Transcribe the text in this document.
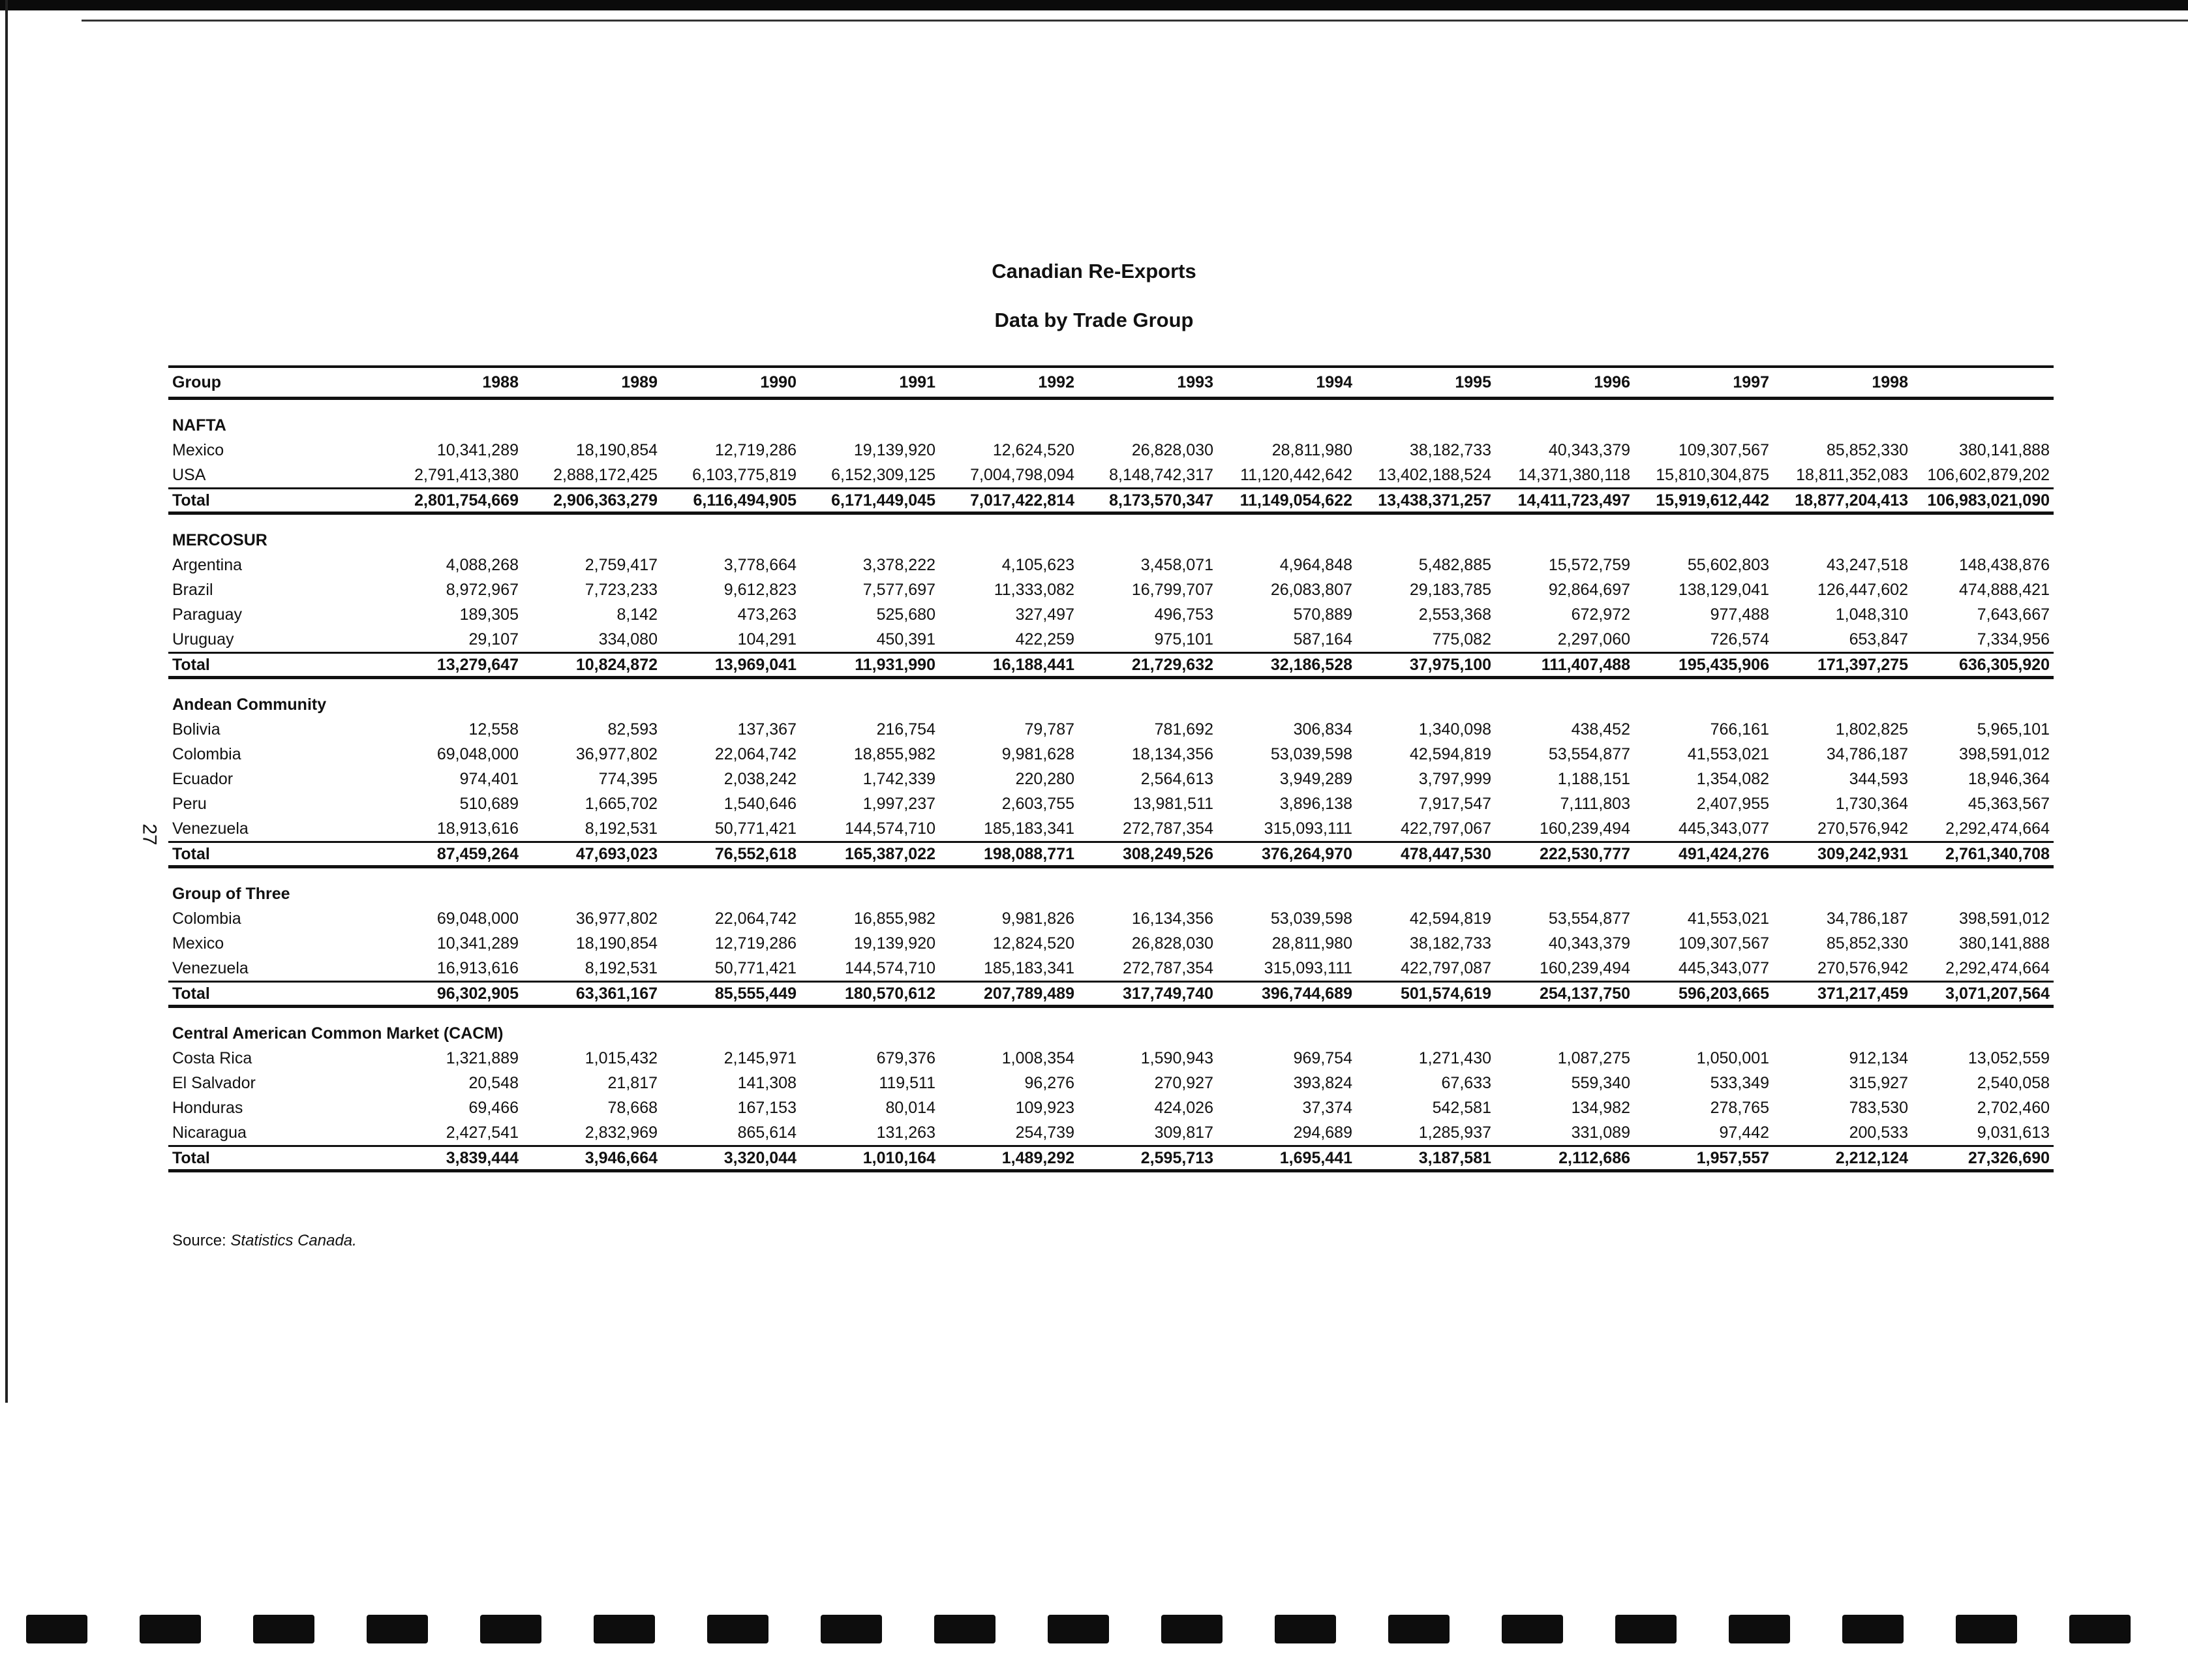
Canadian Re-Exports
Data by Trade Group
27
Group	1988	1989	1990	1991	1992	1993	1994	1995	1996	1997	1998	
NAFTA												
Mexico	10,341,289	18,190,854	12,719,286	19,139,920	12,624,520	26,828,030	28,811,980	38,182,733	40,343,379	109,307,567	85,852,330	380,141,888
USA	2,791,413,380	2,888,172,425	6,103,775,819	6,152,309,125	7,004,798,094	8,148,742,317	11,120,442,642	13,402,188,524	14,371,380,118	15,810,304,875	18,811,352,083	106,602,879,202
Total	2,801,754,669	2,906,363,279	6,116,494,905	6,171,449,045	7,017,422,814	8,173,570,347	11,149,054,622	13,438,371,257	14,411,723,497	15,919,612,442	18,877,204,413	106,983,021,090
MERCOSUR												
Argentina	4,088,268	2,759,417	3,778,664	3,378,222	4,105,623	3,458,071	4,964,848	5,482,885	15,572,759	55,602,803	43,247,518	148,438,876
Brazil	8,972,967	7,723,233	9,612,823	7,577,697	11,333,082	16,799,707	26,083,807	29,183,785	92,864,697	138,129,041	126,447,602	474,888,421
Paraguay	189,305	8,142	473,263	525,680	327,497	496,753	570,889	2,553,368	672,972	977,488	1,048,310	7,643,667
Uruguay	29,107	334,080	104,291	450,391	422,259	975,101	587,164	775,082	2,297,060	726,574	653,847	7,334,956
Total	13,279,647	10,824,872	13,969,041	11,931,990	16,188,441	21,729,632	32,186,528	37,975,100	111,407,488	195,435,906	171,397,275	636,305,920
Andean Community												
Bolivia	12,558	82,593	137,367	216,754	79,787	781,692	306,834	1,340,098	438,452	766,161	1,802,825	5,965,101
Colombia	69,048,000	36,977,802	22,064,742	18,855,982	9,981,628	18,134,356	53,039,598	42,594,819	53,554,877	41,553,021	34,786,187	398,591,012
Ecuador	974,401	774,395	2,038,242	1,742,339	220,280	2,564,613	3,949,289	3,797,999	1,188,151	1,354,082	344,593	18,946,364
Peru	510,689	1,665,702	1,540,646	1,997,237	2,603,755	13,981,511	3,896,138	7,917,547	7,111,803	2,407,955	1,730,364	45,363,567
Venezuela	18,913,616	8,192,531	50,771,421	144,574,710	185,183,341	272,787,354	315,093,111	422,797,067	160,239,494	445,343,077	270,576,942	2,292,474,664
Total	87,459,264	47,693,023	76,552,618	165,387,022	198,088,771	308,249,526	376,264,970	478,447,530	222,530,777	491,424,276	309,242,931	2,761,340,708
Group of Three												
Colombia	69,048,000	36,977,802	22,064,742	16,855,982	9,981,826	16,134,356	53,039,598	42,594,819	53,554,877	41,553,021	34,786,187	398,591,012
Mexico	10,341,289	18,190,854	12,719,286	19,139,920	12,824,520	26,828,030	28,811,980	38,182,733	40,343,379	109,307,567	85,852,330	380,141,888
Venezuela	16,913,616	8,192,531	50,771,421	144,574,710	185,183,341	272,787,354	315,093,111	422,797,087	160,239,494	445,343,077	270,576,942	2,292,474,664
Total	96,302,905	63,361,167	85,555,449	180,570,612	207,789,489	317,749,740	396,744,689	501,574,619	254,137,750	596,203,665	371,217,459	3,071,207,564
Central American Common Market (CACM)												
Costa Rica	1,321,889	1,015,432	2,145,971	679,376	1,008,354	1,590,943	969,754	1,271,430	1,087,275	1,050,001	912,134	13,052,559
El Salvador	20,548	21,817	141,308	119,511	96,276	270,927	393,824	67,633	559,340	533,349	315,927	2,540,058
Honduras	69,466	78,668	167,153	80,014	109,923	424,026	37,374	542,581	134,982	278,765	783,530	2,702,460
Nicaragua	2,427,541	2,832,969	865,614	131,263	254,739	309,817	294,689	1,285,937	331,089	97,442	200,533	9,031,613
Total	3,839,444	3,946,664	3,320,044	1,010,164	1,489,292	2,595,713	1,695,441	3,187,581	2,112,686	1,957,557	2,212,124	27,326,690
Source: Statistics Canada.
